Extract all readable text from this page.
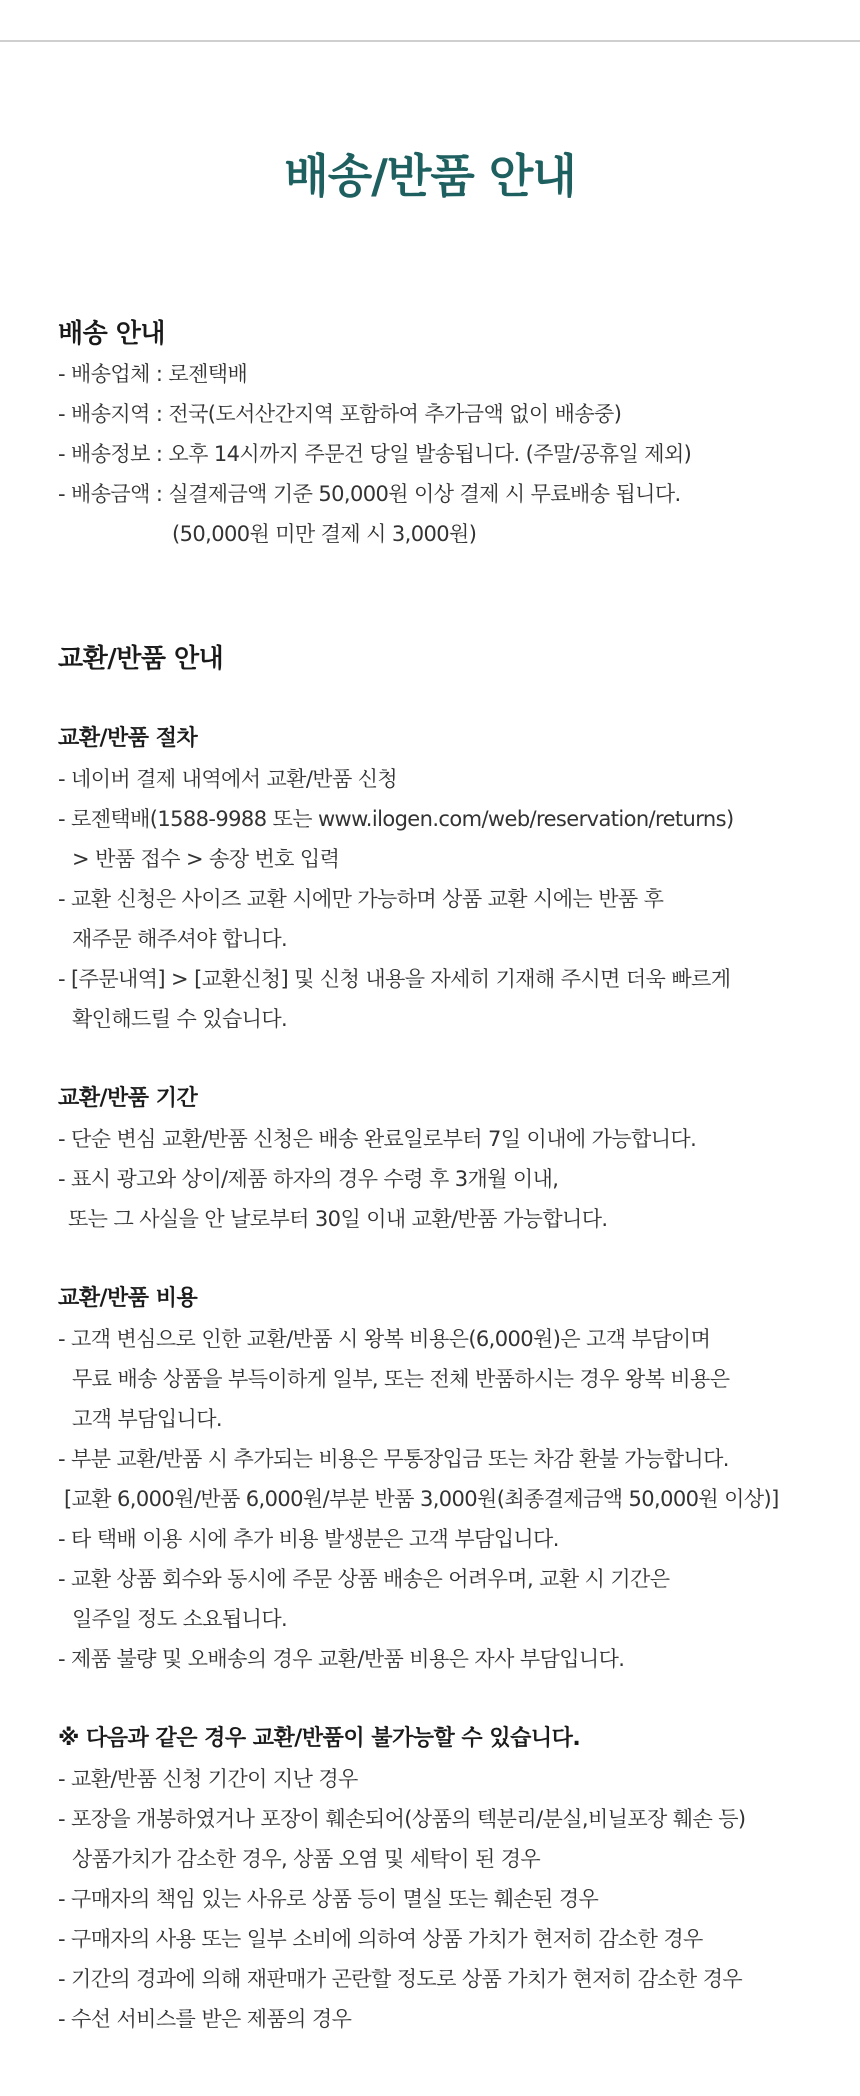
배송/반품 안내
배송 안내
- 배송업체 : 로젠택배
- 배송지역 : 전국(도서산간지역 포함하여 추가금액 없이 배송중)
- 배송정보 : 오후 14시까지 주문건 당일 발송됩니다. (주말/공휴일 제외)
- 배송금액 : 실결제금액 기준 50,000원 이상 결제 시 무료배송 됩니다.
(50,000원 미만 결제 시 3,000원)
교환/반품 안내
교환/반품 절차
- 네이버 결제 내역에서 교환/반품 신청
- 로젠택배(1588-9988 또는 www.ilogen.com/web/reservation/returns)
> 반품 접수 > 송장 번호 입력
- 교환 신청은 사이즈 교환 시에만 가능하며 상품 교환 시에는 반품 후
재주문 해주셔야 합니다.
- [주문내역] > [교환신청] 및 신청 내용을 자세히 기재해 주시면 더욱 빠르게
확인해드릴 수 있습니다.
교환/반품 기간
- 단순 변심 교환/반품 신청은 배송 완료일로부터 7일 이내에 가능합니다.
- 표시 광고와 상이/제품 하자의 경우 수령 후 3개월 이내,
또는 그 사실을 안 날로부터 30일 이내 교환/반품 가능합니다.
교환/반품 비용
- 고객 변심으로 인한 교환/반품 시 왕복 비용은(6,000원)은 고객 부담이며
무료 배송 상품을 부득이하게 일부, 또는 전체 반품하시는 경우 왕복 비용은
고객 부담입니다.
- 부분 교환/반품 시 추가되는 비용은 무통장입금 또는 차감 환불 가능합니다.
[교환 6,000원/반품 6,000원/부분 반품 3,000원(최종결제금액 50,000원 이상)]
- 타 택배 이용 시에 추가 비용 발생분은 고객 부담입니다.
- 교환 상품 회수와 동시에 주문 상품 배송은 어려우며, 교환 시 기간은
일주일 정도 소요됩니다.
- 제품 불량 및 오배송의 경우 교환/반품 비용은 자사 부담입니다.
※ 다음과 같은 경우 교환/반품이 불가능할 수 있습니다.
- 교환/반품 신청 기간이 지난 경우
- 포장을 개봉하였거나 포장이 훼손되어(상품의 텍분리/분실,비닐포장 훼손 등)
상품가치가 감소한 경우, 상품 오염 및 세탁이 된 경우
- 구매자의 책임 있는 사유로 상품 등이 멸실 또는 훼손된 경우
- 구매자의 사용 또는 일부 소비에 의하여 상품 가치가 현저히 감소한 경우
- 기간의 경과에 의해 재판매가 곤란할 정도로 상품 가치가 현저히 감소한 경우
- 수선 서비스를 받은 제품의 경우
